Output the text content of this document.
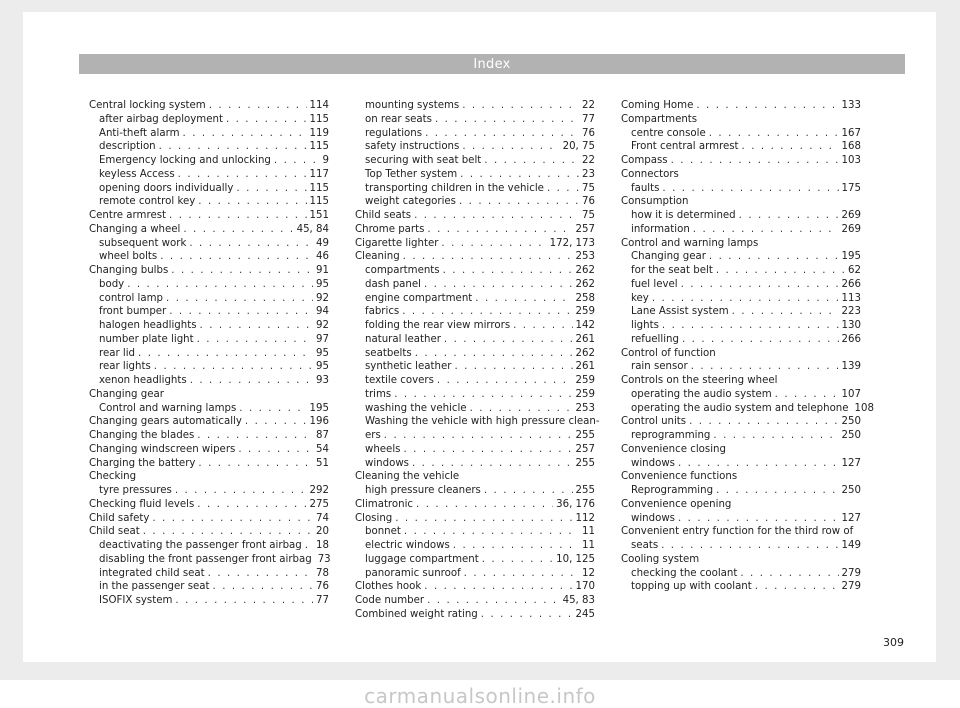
Index
Central locking system . . .	114
after airbag deployment . . .	115
Anti-theft alarm . . .	119
description . . .	115
Emergency locking and unlocking . . .	9
keyless Access . . .	117
opening doors individually . . .	115
remote control key . . .	115
Centre armrest . . .	151
Changing a wheel . . .	45, 84
subsequent work . . .	49
wheel bolts . . .	46
Changing bulbs . . .	91
body . . .	95
control lamp . . .	92
front bumper . . .	94
halogen headlights . . .	92
number plate light . . .	97
rear lid . . .	95
rear lights . . .	95
xenon headlights . . .	93
Changing gear
Control and warning lamps . . .	195
Changing gears automatically . . .	196
Changing the blades . . .	87
Changing windscreen wipers . . .	54
Charging the battery . . .	51
Checking
tyre pressures . . .	292
Checking fluid levels . . .	275
Child safety . . .	74
Child seat . . .	20
deactivating the passenger front airbag . . . 18
disabling the front passenger front airbag 73
integrated child seat . . .	78
in the passenger seat . . .	76
ISOFIX system . . .	77
mounting systems . . .	22
on rear seats . . .	77
regulations . . .	76
safety instructions . . .	20, 75
securing with seat belt . . .	22
Top Tether system . . .	23
transporting children in the vehicle . . .	75
weight categories . . .	76
Child seats . . .	75
Chrome parts . . .	257
Cigarette lighter . . .	172, 173
Cleaning . . .	253
compartments . . .	262
dash panel . . .	262
engine compartment . . .	258
fabrics . . .	259
folding the rear view mirrors . . .	142
natural leather . . .	261
seatbelts . . .	262
synthetic leather . . .	261
textile covers . . .	259
trims . . .	259
washing the vehicle . . .	253
Washing the vehicle with high pressure clean-
ers . . .	255
wheels . . .	257
windows . . .	255
Cleaning the vehicle
high pressure cleaners . . .	255
Climatronic . . .	36, 176
Closing . . .	112
bonnet . . .	11
electric windows . . .	11
luggage compartment . . .	10, 125
panoramic sunroof . . .	12
Clothes hook . . .	170
Code number . . .	45, 83
Combined weight rating . . .	245
Coming Home . . .	133
Compartments
centre console . . .	167
Front central armrest . . .	168
Compass . . .	103
Connectors
faults . . .	175
Consumption
how it is determined . . .	269
information . . .	269
Control and warning lamps
Changing gear . . .	195
for the seat belt . . .	62
fuel level . . .	266
key . . .	113
Lane Assist system . . .	223
lights . . .	130
refuelling . . .	266
Control of function
rain sensor . . .	139
Controls on the steering wheel
operating the audio system . . .	107
operating the audio system and telephone 108
Control units . . .	250
reprogramming . . .	250
Convenience closing
windows . . .	127
Convenience functions
Reprogramming . . .	250
Convenience opening
windows . . .	127
Convenient entry function for the third row of
seats . . .	149
Cooling system
checking the coolant . . .	279
topping up with coolant . . .	279
309
carmanualsonline.info
